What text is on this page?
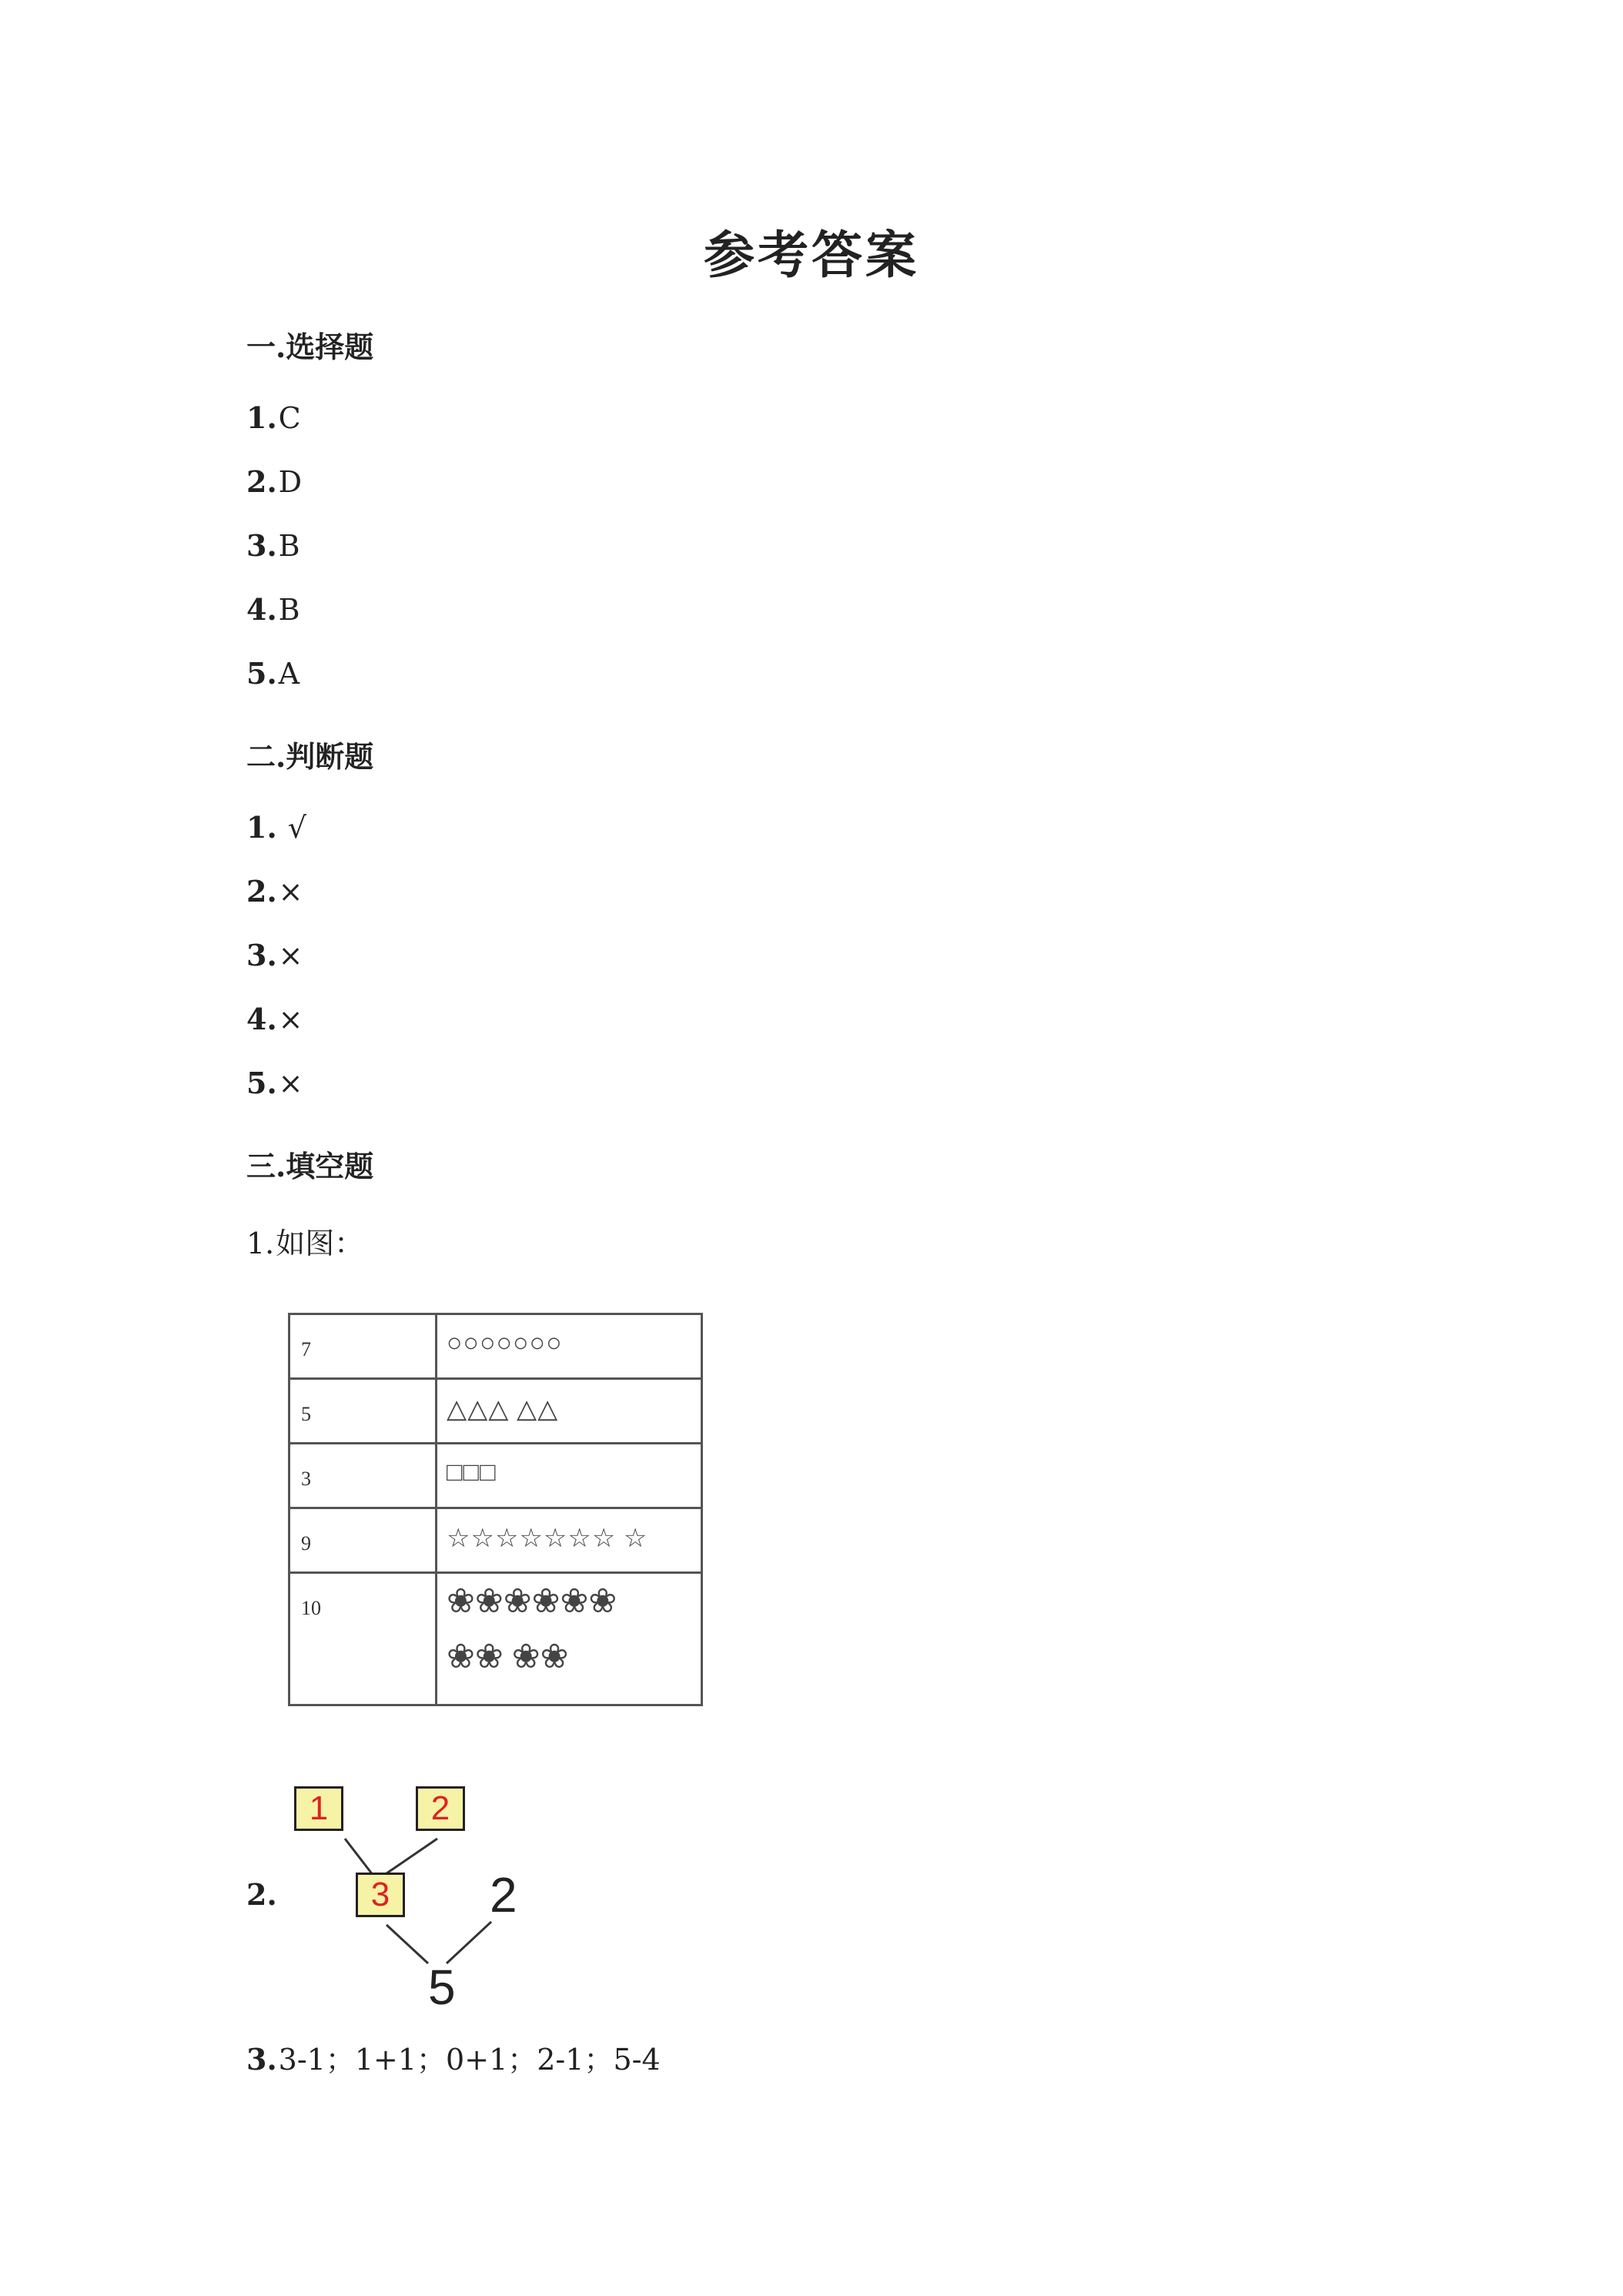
参考答案
一.选择题
1.C
2.D
3.B
4.B
5.A
二.判断题
1. √
2.×
3.×
4.×
5.×
三.填空题
1.如图：
7	○○○○○○○
5	△△△ △△
3	□□□
9	☆☆☆☆☆☆☆ ☆
10	❀❀❀❀❀❀
❀❀ ❀❀
2.
1	2
3	2
5
3.3-1；1+1；0+1；2-1；5-4
